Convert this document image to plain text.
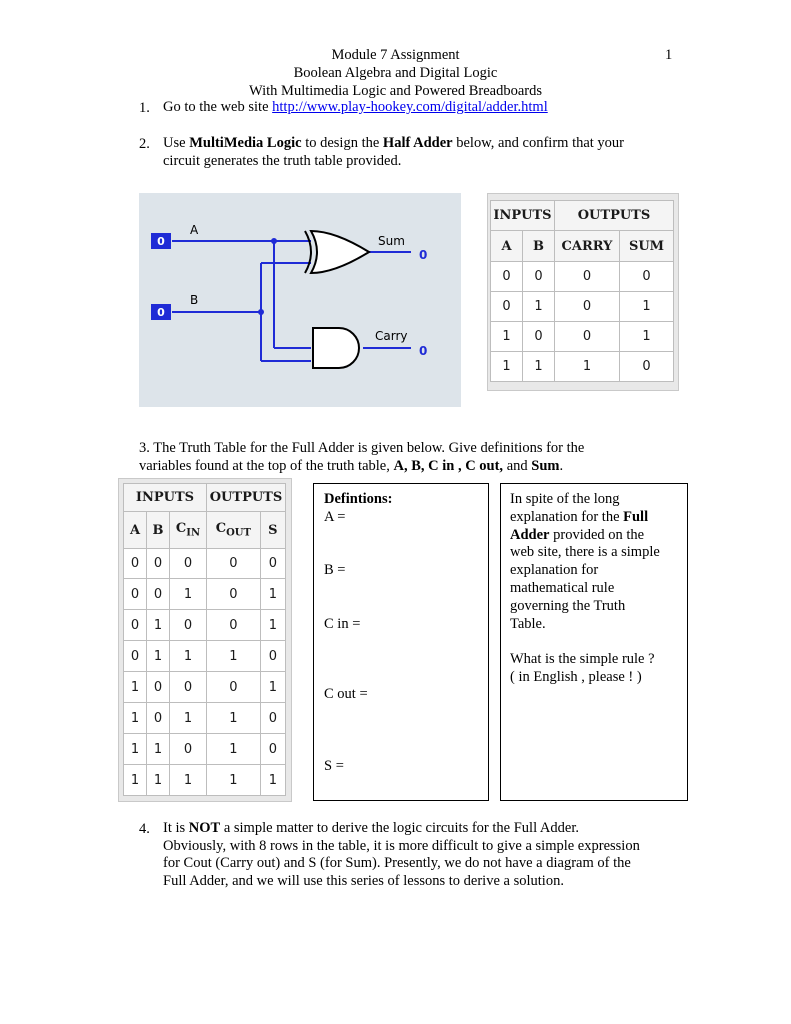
Module 7 Assignment	1
Boolean Algebra and Digital Logic
With Multimedia Logic and Powered Breadboards
1. Go to the web site http://www.play-hookey.com/digital/adder.html
2. Use MultiMedia Logic to design the Half Adder below, and confirm that your
circuit generates the truth table provided.
0
0
A
B
Sum
Carry
0
0
INPUTS		OUTPUTS	
A	B	CARRY	SUM
0	0	0	0
0	1	0	1
1	0	0	1
1	1	1	0
3. The Truth Table for the Full Adder is given below. Give definitions for the
variables found at the top of the truth table, A, B, C in , C out, and Sum.
INPUTS			OUTPUTS	
A	B	$C_{IN}$	$C_{OUT}$	S
0	0	0	0	0
0	0	1	0	1
0	1	0	0	1
0	1	1	1	0
1	0	0	0	1
1	0	1	1	0
1	1	0	1	0
1	1	1	1	1
Defintions:
A =
B =
C in =
C out =
S =
In spite of the long
explanation for the Full
Adder provided on the
web site, there is a simple
explanation for
mathematical rule
governing the Truth
Table.

What is the simple rule ?
( in English , please ! )
4. It is NOT a simple matter to derive the logic circuits for the Full Adder.
Obviously, with 8 rows in the table, it is more difficult to give a simple expression
for Cout (Carry out) and S (for Sum). Presently, we do not have a diagram of the
Full Adder, and we will use this series of lessons to derive a solution.
